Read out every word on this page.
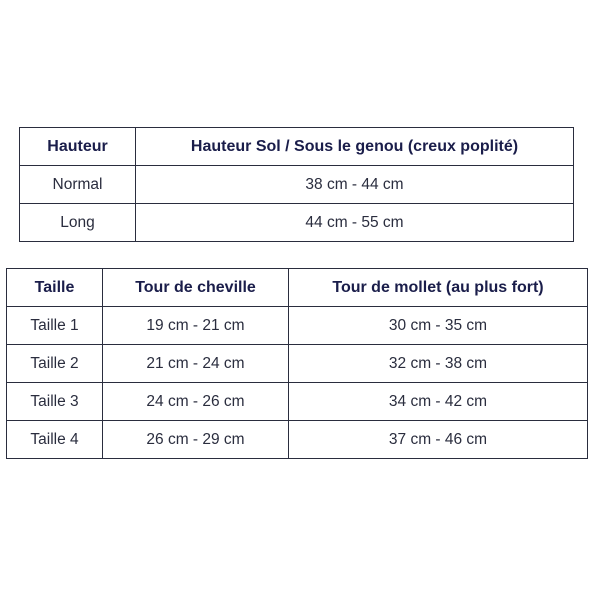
Hauteur	Hauteur Sol / Sous le genou (creux poplité)
Normal	38 cm - 44 cm
Long	44 cm - 55 cm
Taille	Tour de cheville	Tour de mollet (au plus fort)
Taille 1	19 cm - 21 cm	30 cm - 35 cm
Taille 2	21 cm - 24 cm	32 cm - 38 cm
Taille 3	24 cm - 26 cm	34 cm - 42 cm
Taille 4	26 cm - 29 cm	37 cm - 46 cm
